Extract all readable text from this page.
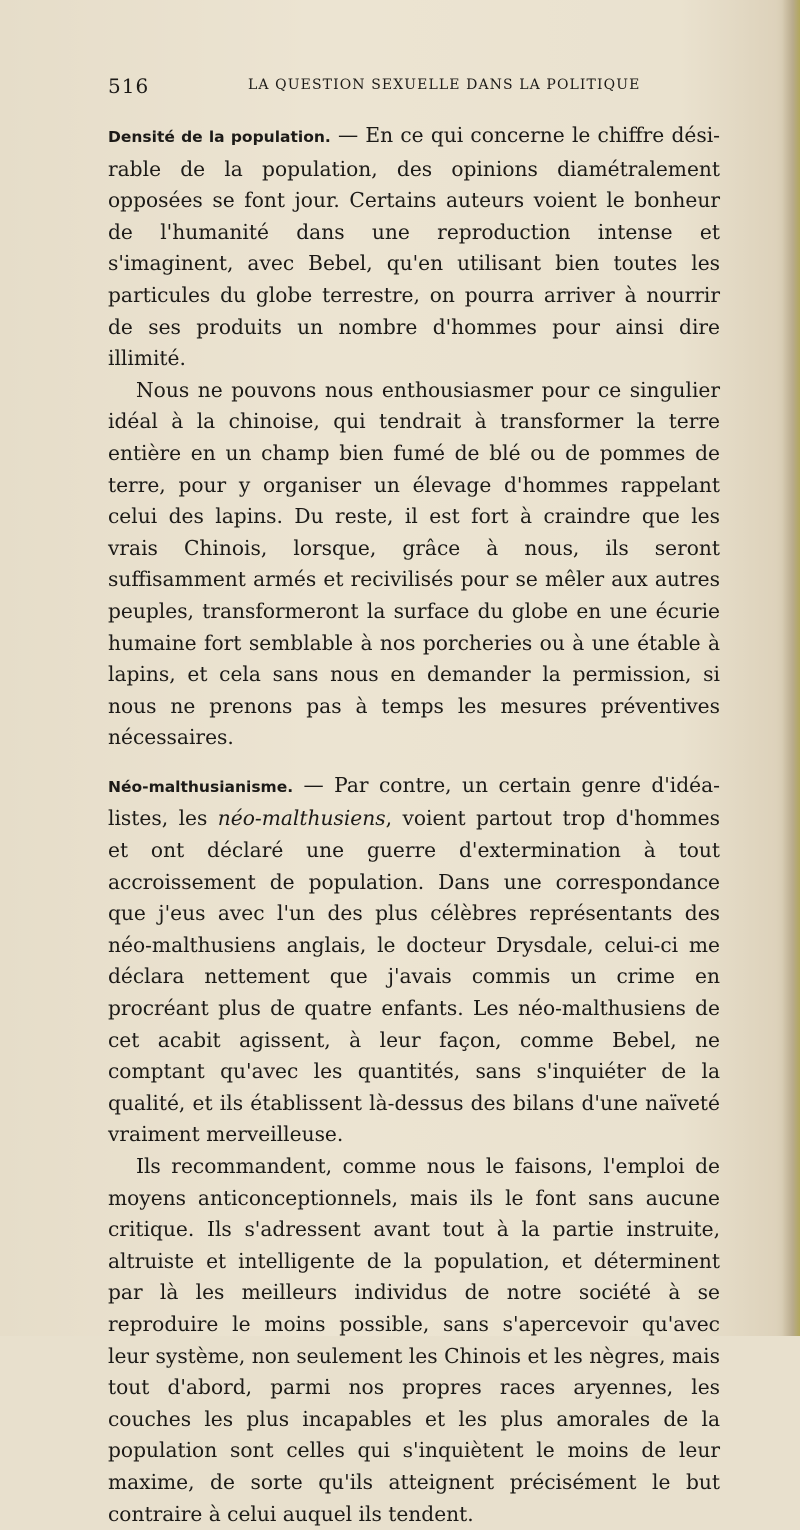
516	LA QUESTION SEXUELLE DANS LA POLITIQUE

Densité de la population. — En ce qui concerne le chiffre désirable de la population, des opinions diamétralement opposées se font jour. Certains auteurs voient le bonheur de l'humanité dans une reproduction intense et s'imaginent, avec Bebel, qu'en utilisant bien toutes les particules du globe terrestre, on pourra arriver à nourrir de ses produits un nombre d'hommes pour ainsi dire illimité.

Nous ne pouvons nous enthousiasmer pour ce singulier idéal à la chinoise, qui tendrait à transformer la terre entière en un champ bien fumé de blé ou de pommes de terre, pour y organiser un élevage d'hommes rappelant celui des lapins. Du reste, il est fort à craindre que les vrais Chinois, lorsque, grâce à nous, ils seront suffisamment armés et recivilisés pour se mêler aux autres peuples, transformeront la surface du globe en une écurie humaine fort semblable à nos porcheries ou à une étable à lapins, et cela sans nous en demander la permission, si nous ne prenons pas à temps les mesures préventives nécessaires.

Néo-malthusianisme. — Par contre, un certain genre d'idéalistes, les néo-malthusiens, voient partout trop d'hommes et ont déclaré une guerre d'extermination à tout accroissement de population. Dans une correspondance que j'eus avec l'un des plus célèbres représentants des néo-malthusiens anglais, le docteur Drysdale, celui-ci me déclara nettement que j'avais commis un crime en procréant plus de quatre enfants. Les néo-malthusiens de cet acabit agissent, à leur façon, comme Bebel, ne comptant qu'avec les quantités, sans s'inquiéter de la qualité, et ils établissent là-dessus des bilans d'une naïveté vraiment merveilleuse.

Ils recommandent, comme nous le faisons, l'emploi de moyens anticonceptionnels, mais ils le font sans aucune critique. Ils s'adressent avant tout à la partie instruite, altruiste et intelligente de la population, et déterminent par là les meilleurs individus de notre société à se reproduire le moins possible, sans s'apercevoir qu'avec leur système, non seulement les Chinois et les nègres, mais tout d'abord, parmi nos propres races aryennes, les couches les plus incapables et les plus amorales de la population sont celles qui s'inquiètent le moins de leur maxime, de sorte qu'ils atteignent précisément le but contraire à celui auquel ils tendent.
